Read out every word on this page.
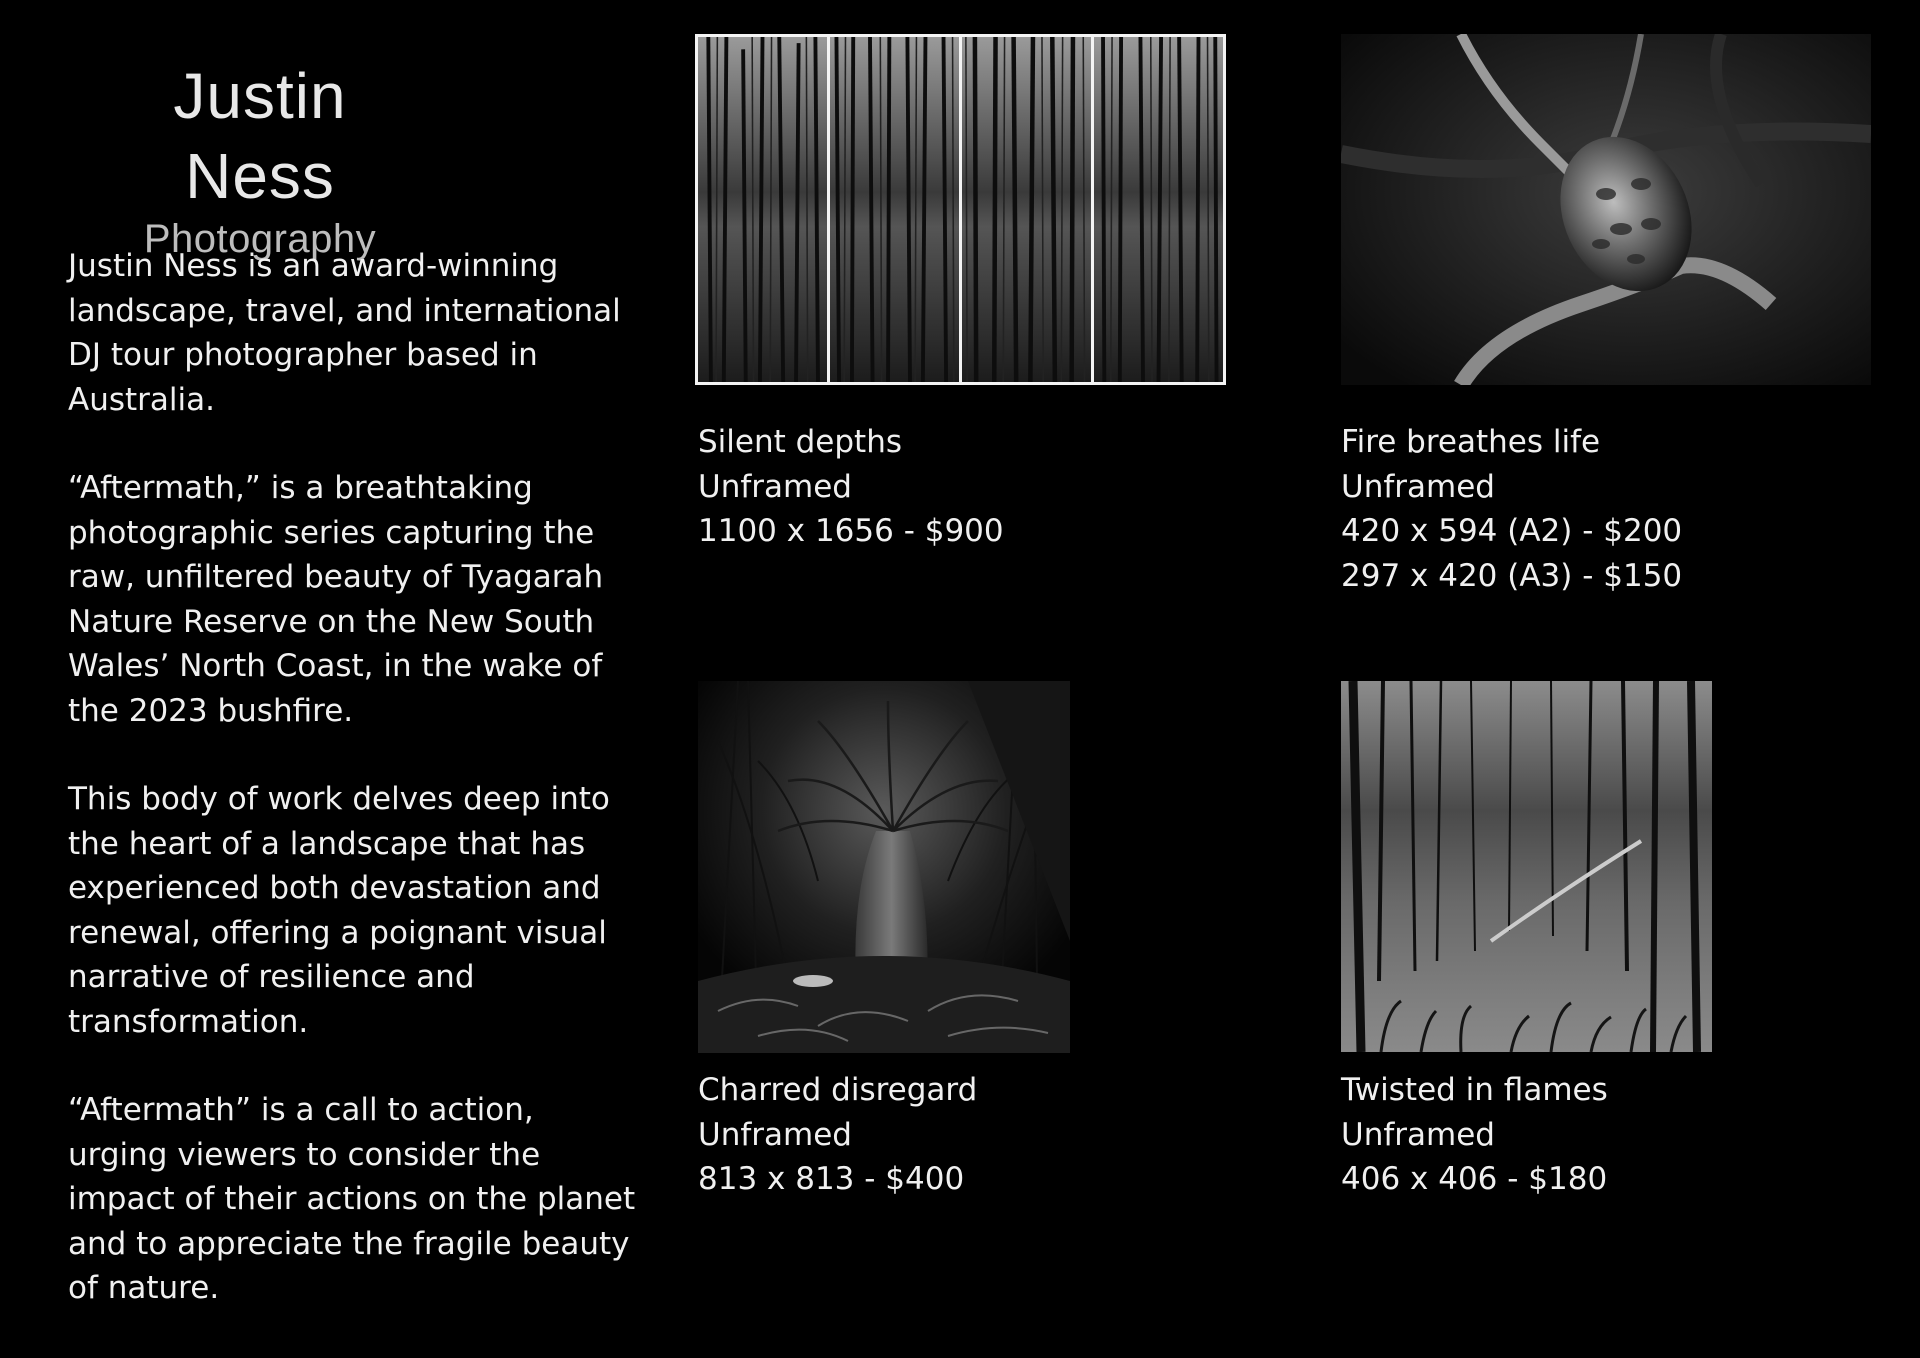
Justin Ness
Photography

Justin Ness is an award-winning
landscape, travel, and international
DJ tour photographer based in
Australia.

“Aftermath,” is a breathtaking
photographic series capturing the
raw, unfiltered beauty of Tyagarah
Nature Reserve on the New South
Wales’ North Coast, in the wake of
the 2023 bushfire.

This body of work delves deep into
the heart of a landscape that has
experienced both devastation and
renewal, offering a poignant visual
narrative of resilience and
transformation.

“Aftermath” is a call to action,
urging viewers to consider the
impact of their actions on the planet
and to appreciate the fragile beauty
of nature.

Silent depths
Unframed
1100 x 1656 - $900
Fire breathes life
Unframed
420 x 594 (A2) - $200
297 x 420 (A3) - $150
Charred disregard
Unframed
813 x 813 - $400
Twisted in flames
Unframed
406 x 406 - $180
